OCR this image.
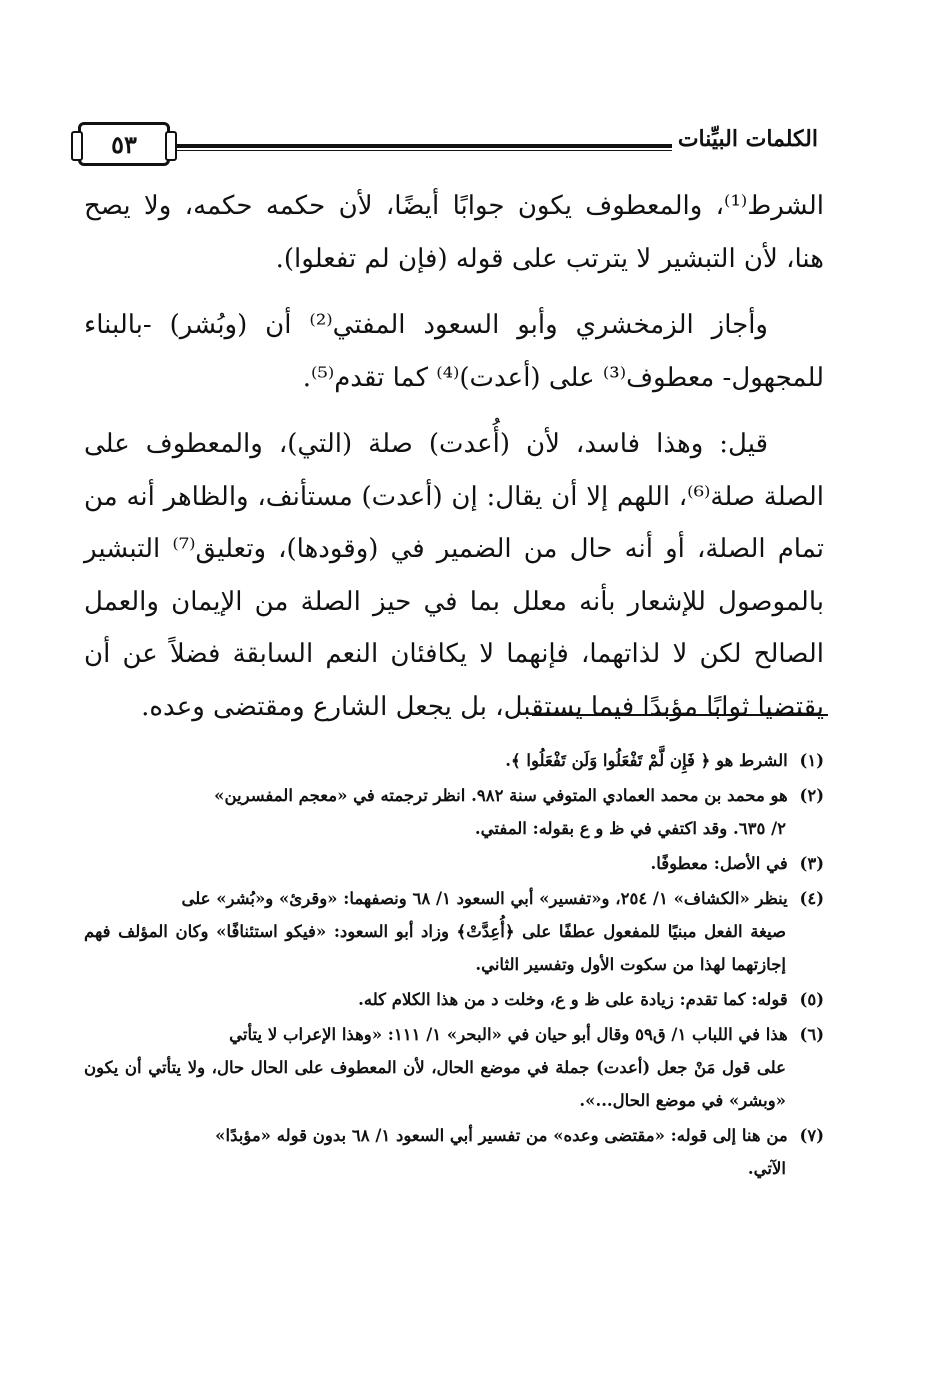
الكلمات البيِّنات
٥٣

الشرط⁽¹⁾، والمعطوف يكون جوابًا أيضًا، لأن حكمه حكمه، ولا يصح هنا، لأن التبشير لا يترتب على قوله (فإن لم تفعلوا).

وأجاز الزمخشري وأبو السعود المفتي⁽²⁾ أن (وبُشر) -بالبناء للمجهول- معطوف⁽³⁾ على (أعدت)⁽⁴⁾ كما تقدم⁽⁵⁾.

قيل: وهذا فاسد، لأن (أُعدت) صلة (التي)، والمعطوف على الصلة صلة⁽⁶⁾، اللهم إلا أن يقال: إن (أعدت) مستأنف، والظاهر أنه من تمام الصلة، أو أنه حال من الضمير في (وقودها)، وتعليق⁽⁷⁾ التبشير بالموصول للإشعار بأنه معلل بما في حيز الصلة من الإيمان والعمل الصالح لكن لا لذاتهما، فإنهما لا يكافئان النعم السابقة فضلاً عن أن يقتضيا ثوابًا مؤبدًا فيما يستقبل، بل يجعل الشارع ومقتضى وعده.

(١) الشرط هو ﴿ فَإِن لَّمْ تَفْعَلُوا وَلَن تَفْعَلُوا ﴾.
(٢) هو محمد بن محمد العمادي المتوفي سنة ٩٨٢. انظر ترجمته في «معجم المفسرين»
٢/ ٦٣٥. وقد اكتفي في ظ و ع بقوله: المفتي.
(٣) في الأصل: معطوفًا.
(٤) ينظر «الكشاف» ١/ ٢٥٤، و«تفسير» أبي السعود ١/ ٦٨ ونصفهما: «وقرئ» و«بُشر» على
صيغة الفعل مبنيًا للمفعول عطفًا على ﴿أُعِدَّتْ﴾ وزاد أبو السعود: «فيكو استئنافًا» وكان المؤلف فهم إجازتهما لهذا من سكوت الأول وتفسير الثاني.
(٥) قوله: كما تقدم: زيادة على ظ و ع، وخلت د من هذا الكلام كله.
(٦) هذا في اللباب ١/ ق٥٩ وقال أبو حيان في «البحر» ١/ ١١١: «وهذا الإعراب لا يتأتي
على قول مَنْ جعل (أعدت) جملة في موضع الحال، لأن المعطوف على الحال حال، ولا يتأتي أن يكون «وبشر» في موضع الحال...».
(٧) من هنا إلى قوله: «مقتضى وعده» من تفسير أبي السعود ١/ ٦٨ بدون قوله «مؤبدًا»
الآتي.
